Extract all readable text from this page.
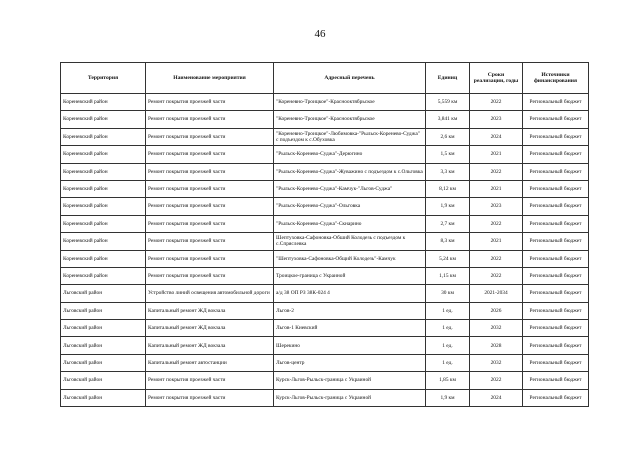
46
Территория	Наименование мероприятия	Адресный перечень	Единиц	Сроки реализации, годы	Источники финансирования
Кореневский район	Ремонт покрытия проезжей части	"Кореневно-Троицкое"-Краснооктябрьское	5,559 км	2022	Региональный бюджет
Кореневский район	Ремонт покрытия проезжей части	"Кореневно-Троицкое"-Краснооктябрьское	3,841 км	2023	Региональный бюджет
Кореневский район	Ремонт покрытия проезжей части	"Кореневно-Троицкое"-Любимовка-"Рыльск-Коренево-Суджа" с подъездом к с.Обуховка	2,6 км	2024	Региональный бюджет
Кореневский район	Ремонт покрытия проезжей части	"Рыльск-Коренево-Суджа"-Дерюгино	1,5 км	2021	Региональный бюджет
Кореневский район	Ремонт покрытия проезжей части	"Рыльск-Коренево-Суджа"-Жуважино с подъездом к с.Ольговка	3,3 км	2022	Региональный бюджет
Кореневский район	Ремонт покрытия проезжей части	"Рыльск-Коренево-Суджа"-Камчук-"Льгов-Суджа"	8,12 км	2021	Региональный бюджет
Кореневский район	Ремонт покрытия проезжей части	"Рыльск-Коренево-Суджа"-Ольговка	1,9 км	2023	Региональный бюджет
Кореневский район	Ремонт покрытия проезжей части	"Рыльск-Коренево-Суджа"-Скнарино	2,7 км	2022	Региональный бюджет
Кореневский район	Ремонт покрытия проезжей части	Шептуховка-Сафоновка-Обший Колодезь с подъездом к с.Спряслевка	8,3 км	2021	Региональный бюджет
Кореневский район	Ремонт покрытия проезжей части	"Шептуховка-Сафоновка-Общий Колодезь"-Камчук	5,24 км	2022	Региональный бюджет
Кореневский район	Ремонт покрытия проезжей части	Троицкое-граница с Украиной	1,15 км	2022	Региональный бюджет
Льговский район	Устройство линий освещения автомобильной дороги	а/д 38 ОП РЗ 38К-024 4	30 км	2021-2034	Региональный бюджет
Льговский район	Капитальный ремонт ЖД вокзала	Льгов-2	1 ед.	2026	Региональный бюджет
Льговский район	Капитальный ремонт ЖД вокзала	Льгов-1 Киевский	1 ед.	2032	Региональный бюджет
Льговский район	Капитальный ремонт ЖД вокзала	Шерекино	1 ед.	2028	Региональный бюджет
Льговский район	Капитальный ремонт автостанции	Льгов-центр	1 ед.	2032	Региональный бюджет
Льговский район	Ремонт покрытия проезжей части	Курск-Льгов-Рыльск-граница с Украиной	1,85 км	2022	Региональный бюджет
Льговский район	Ремонт покрытия проезжей части	Курск-Льгов-Рыльск-граница с Украиной	1,9 км	2024	Региональный бюджет
